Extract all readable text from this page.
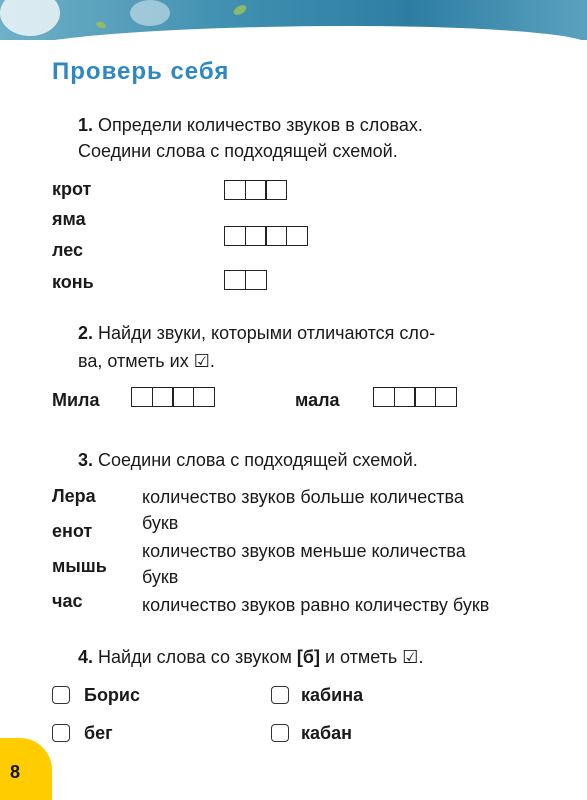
Проверь себя
1. Определи количество звуков в словах.
Соедини слова с подходящей схемой.
крот
яма
лес
конь
2. Найди звуки, которыми отличаются сло-
ва, отметь их ☑.
Мила	мала
3. Соедини слова с подходящей схемой.
Лера
енот
мышь
час
количество звуков больше количества
букв
количество звуков меньше количества
букв
количество звуков равно количеству букв
4. Найди слова со звуком [б] и отметь ☑.
Борис	кабина
бег	кабан
8
